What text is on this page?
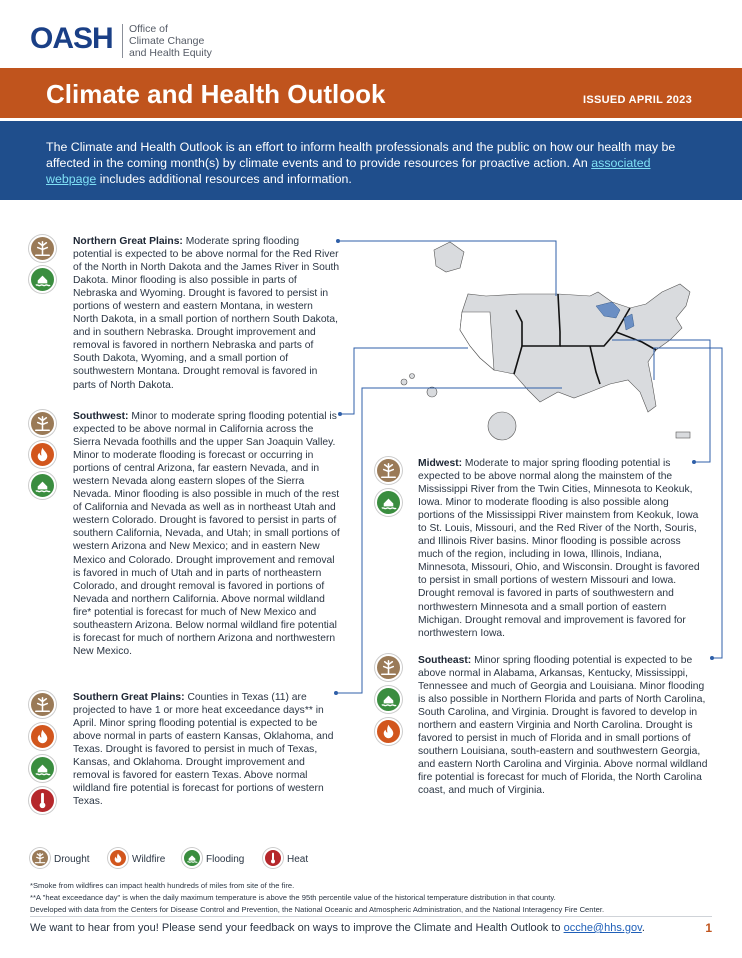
OASH Office of
Climate Change
and Health Equity
Climate and Health Outlook	ISSUED APRIL 2023

The Climate and Health Outlook is an effort to inform health professionals and the public on how our health may be affected in the coming month(s) by climate events and to provide resources for proactive action. An associated webpage includes additional resources and information.

Northern Great Plains: Moderate spring flooding potential is expected to be above normal for the Red River of the North in North Dakota and the James River in South Dakota. Minor flooding is also possible in parts of Nebraska and Wyoming. Drought is favored to persist in portions of western and eastern Montana, in western North Dakota, in a small portion of northern South Dakota, and in southern Nebraska. Drought improvement and removal is favored in northern Nebraska and parts of South Dakota, Wyoming, and a small portion of southwestern Montana. Drought removal is favored in parts of North Dakota.
Southwest: Minor to moderate spring flooding potential is expected to be above normal in California across the Sierra Nevada foothills and the upper San Joaquin Valley. Minor to moderate flooding is forecast or occurring in portions of central Arizona, far eastern Nevada, and in western Nevada along eastern slopes of the Sierra Nevada. Minor flooding is also possible in much of the rest of California and Nevada as well as in northeast Utah and western Colorado. Drought is favored to persist in parts of southern California, Nevada, and Utah; in small portions of western Arizona and New Mexico; and in eastern New Mexico and Colorado. Drought improvement and removal is favored in much of Utah and in parts of northeastern Colorado, and drought removal is favored in portions of Nevada and northern California. Above normal wildland fire* potential is forecast for much of New Mexico and southeastern Arizona. Below normal wildland fire potential is forecast for much of northern Arizona and northwestern New Mexico.
Southern Great Plains: Counties in Texas (11) are projected to have 1 or more heat exceedance days** in April. Minor spring flooding potential is expected to be above normal in parts of eastern Kansas, Oklahoma, and Texas. Drought is favored to persist in much of Texas, Kansas, and Oklahoma. Drought improvement and removal is favored for eastern Texas. Above normal wildland fire potential is forecast for portions of western Texas.
Midwest: Moderate to major spring flooding potential is expected to be above normal along the mainstem of the Mississippi River from the Twin Cities, Minnesota to Keokuk, Iowa. Minor to moderate flooding is also possible along portions of the Mississippi River mainstem from Keokuk, Iowa to St. Louis, Missouri, and the Red River of the North, Souris, and Illinois River basins. Minor flooding is possible across much of the region, including in Iowa, Illinois, Indiana, Minnesota, Missouri, Ohio, and Wisconsin. Drought is favored to persist in small portions of western Missouri and Iowa. Drought removal is favored in parts of southwestern and northwestern Minnesota and a small portion of eastern Michigan. Drought removal and improvement is favored for northwestern Iowa.
Southeast: Minor spring flooding potential is expected to be above normal in Alabama, Arkansas, Kentucky, Mississippi, Tennessee and much of Georgia and Louisiana. Minor flooding is also possible in Northern Florida and parts of North Carolina, South Carolina, and Virginia. Drought is favored to develop in northern and eastern Virginia and North Carolina. Drought is favored to persist in much of Florida and in small portions of southern Louisiana, south-eastern and southwestern Georgia, and eastern North Carolina and Virginia. Above normal wildland fire potential is forecast for much of Florida, the North Carolina coast, and much of Virginia.
Drought	Wildfire	Flooding	Heat
*Smoke from wildfires can impact health hundreds of miles from site of the fire.
**A "heat exceedance day" is when the daily maximum temperature is above the 95th percentile value of the historical temperature distribution in that county.
Developed with data from the Centers for Disease Control and Prevention, the National Oceanic and Atmospheric Administration, and the National Interagency Fire Center.
We want to hear from you! Please send your feedback on ways to improve the Climate and Health Outlook to ocche@hhs.gov.	1
